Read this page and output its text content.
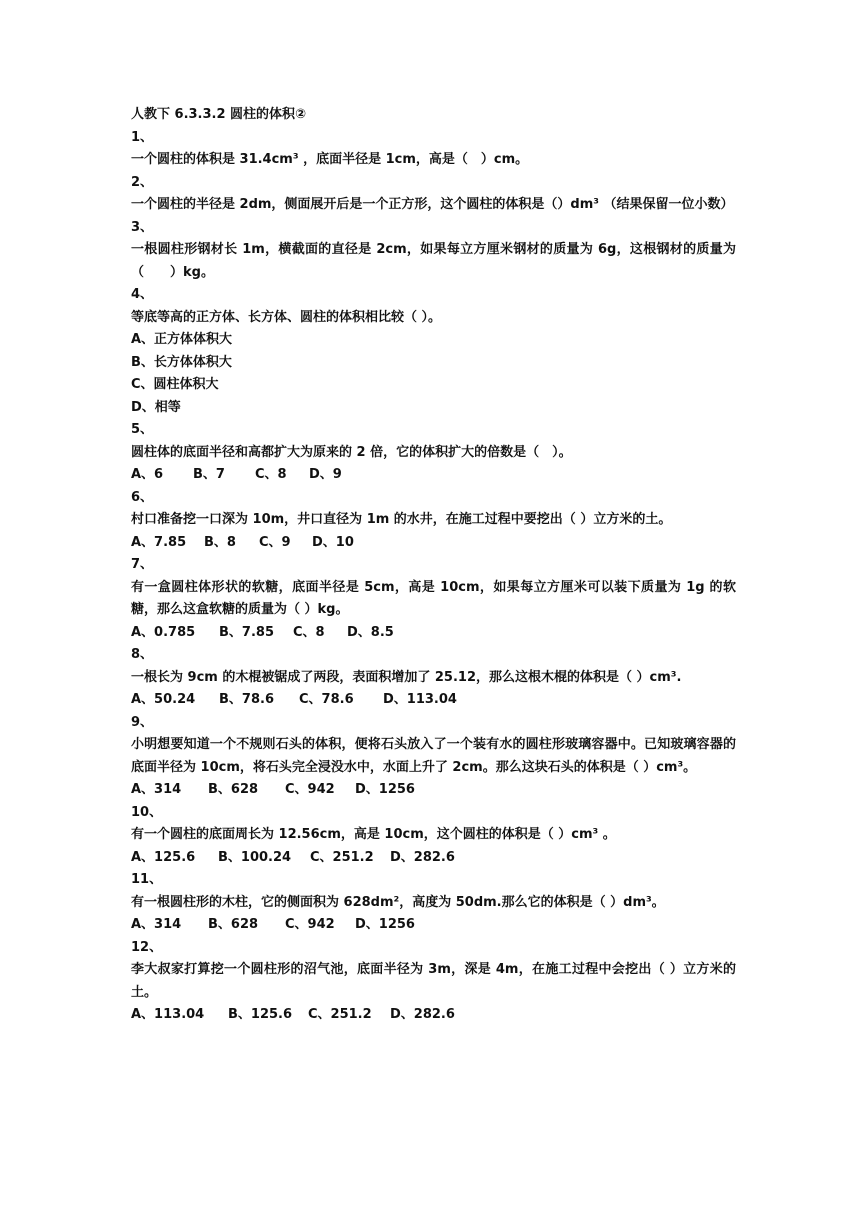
人教下 6.3.3.2 圆柱的体积②
1、
一个圆柱的体积是 31.4cm³ ，底面半径是 1cm，高是（　）cm。
2、
一个圆柱的半径是 2dm，侧面展开后是一个正方形，这个圆柱的体积是（）dm³ （结果保留一位小数）
3、
一根圆柱形钢材长 1m，横截面的直径是 2cm，如果每立方厘米钢材的质量为 6g，这根钢材的质量为（　　）kg。
4、
等底等高的正方体、长方体、圆柱的体积相比较（ ）。
A、正方体体积大
B、长方体体积大
C、圆柱体积大
D、相等
5、
圆柱体的底面半径和高都扩大为原来的 2 倍，它的体积扩大的倍数是（　）。
A、6	B、7	C、8	D、9
6、
村口准备挖一口深为 10m，井口直径为 1m 的水井，在施工过程中要挖出（ ）立方米的土。
A、7.85	B、8	C、9	D、10
7、
有一盒圆柱体形状的软糖，底面半径是 5cm，高是 10cm，如果每立方厘米可以装下质量为 1g 的软糖，那么这盒软糖的质量为（ ）kg。
A、0.785	B、7.85	C、8	D、8.5
8、
一根长为 9cm 的木棍被锯成了两段，表面积增加了 25.12，那么这根木棍的体积是（ ）cm³.
A、50.24	B、78.6	C、78.6	D、113.04
9、
小明想要知道一个不规则石头的体积，便将石头放入了一个装有水的圆柱形玻璃容器中。已知玻璃容器的底面半径为 10cm，将石头完全浸没水中，水面上升了 2cm。那么这块石头的体积是（ ）cm³。
A、314	B、628	C、942	D、1256
10、
有一个圆柱的底面周长为 12.56cm，高是 10cm，这个圆柱的体积是（ ）cm³ 。
A、125.6	B、100.24	C、251.2	D、282.6
11、
有一根圆柱形的木柱，它的侧面积为 628dm²，高度为 50dm.那么它的体积是（ ）dm³。
A、314	B、628	C、942	D、1256
12、
李大叔家打算挖一个圆柱形的沼气池，底面半径为 3m，深是 4m，在施工过程中会挖出（ ）立方米的土。
A、113.04	B、125.6	C、251.2	D、282.6
